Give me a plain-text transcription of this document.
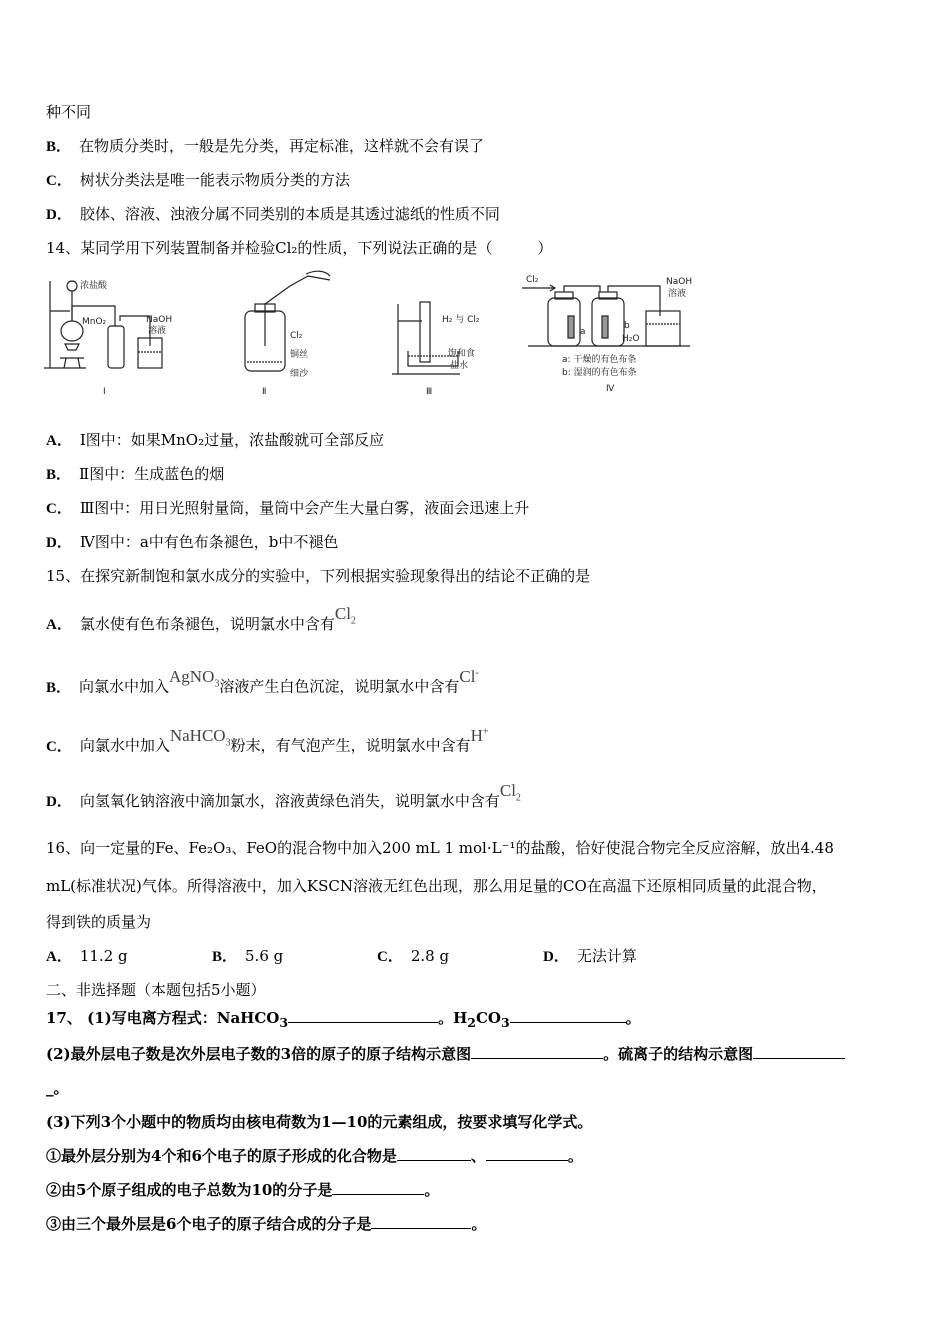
种不同
B． 在物质分类时，一般是先分类，再定标准，这样就不会有误了
C． 树状分类法是唯一能表示物质分类的方法
D． 胶体、溶液、浊液分属不同类别的本质是其透过滤纸的性质不同
14、某同学用下列装置制备并检验Cl₂的性质，下列说法正确的是（　　　）
浓盐酸
MnO₂	NaOH
溶液
Ⅰ
Cl₂
铜丝
细沙
Ⅱ
H₂ 与 Cl₂
饱和食
盐水
Ⅲ
Cl₂	NaOH
溶液
a
b
H₂O
a: 干燥的有色布条
b: 湿润的有色布条
Ⅳ
A． Ⅰ图中：如果MnO₂过量，浓盐酸就可全部反应
B． Ⅱ图中：生成蓝色的烟
C． Ⅲ图中：用日光照射量筒，量筒中会产生大量白雾，液面会迅速上升
D． Ⅳ图中：a中有色布条褪色，b中不褪色
15、在探究新制饱和氯水成分的实验中，下列根据实验现象得出的结论不正确的是
A． 氯水使有色布条褪色，说明氯水中含有$Cl_2$
B． 向氯水中加入AgNO$_3$溶液产生白色沉淀，说明氯水中含有Cl-
C． 向氯水中加入NaHCO$_3$粉末，有气泡产生，说明氯水中含有H+
D． 向氢氧化钠溶液中滴加氯水，溶液黄绿色消失，说明氯水中含有$Cl_2$
16、向一定量的Fe、Fe₂O₃、FeO的混合物中加入200 mL 1 mol·L⁻¹的盐酸，恰好使混合物完全反应溶解，放出4.48
mL(标准状况)气体。所得溶液中，加入KSCN溶液无红色出现，那么用足量的CO在高温下还原相同质量的此混合物，
得到铁的质量为
A． 11.2 g	B． 5.6 g	C． 2.8 g	D． 无法计算
二、非选择题（本题包括5小题）
17、 (1)写电离方程式：NaHCO$_3$	。$H_2CO_3$	。
(2)最外层电子数是次外层电子数的3倍的原子的原子结构示意图	。硫离子的结构示意图
_。
(3)下列3个小题中的物质均由核电荷数为1—10的元素组成，按要求填写化学式。
①最外层分别为4个和6个电子的原子形成的化合物是	、	。
②由5个原子组成的电子总数为10的分子是	。
③由三个最外层是6个电子的原子结合成的分子是	。
